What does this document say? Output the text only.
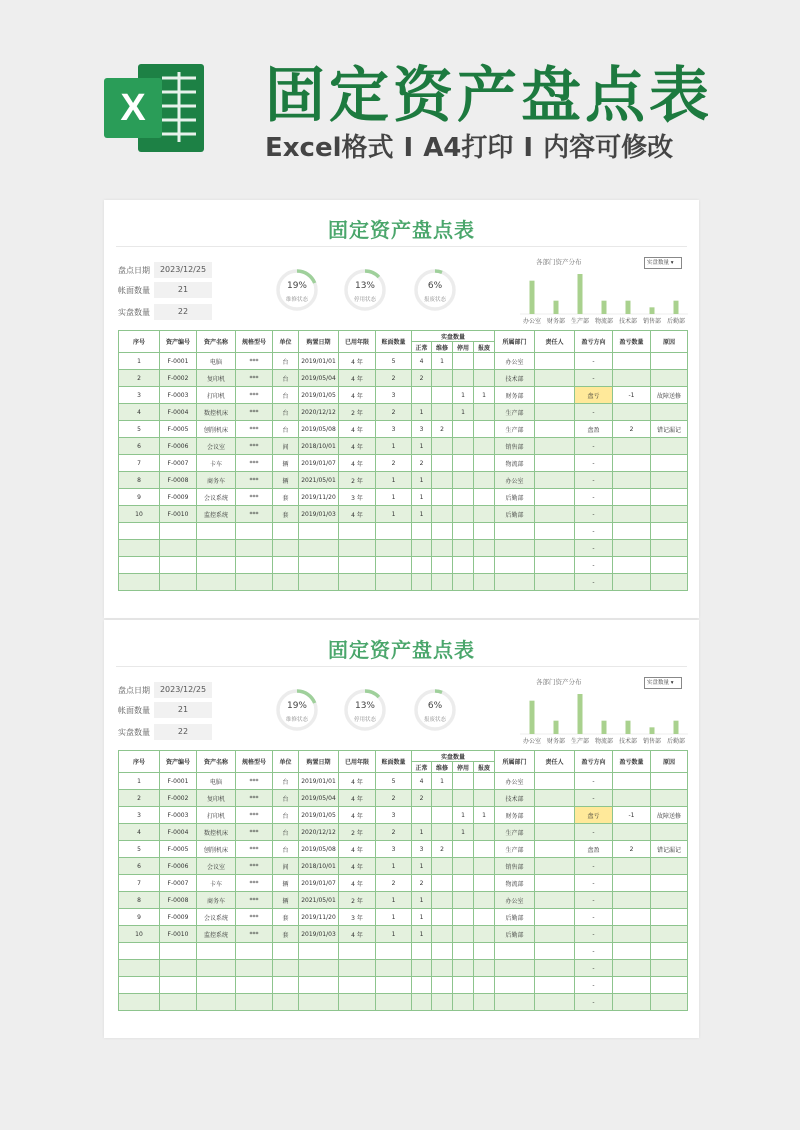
X 固定资产盘点表
Excel格式 I A4打印 I 内容可修改
固定资产盘点表
盘点日期	2023/12/25
帐面数量	21
实盘数量	22
19%
维修状态
13%
停用状态
6%
报废状态
办公室 财务部 生产部 物流部 技术部 销售部 后勤部
各部门资产分布	实盘数量 ▾
序号	资产编号	资产名称	规格型号	单位	购置日期	已用年限	账面数量	实盘数量				所属部门	责任人	盈亏方向	盈亏数量	原因
								正常	维修	停用	报废					
1	F-0001	电脑	***	台	2019/01/01	4 年	5	4	1			办公室		-		
2	F-0002	复印机	***	台	2019/05/04	4 年	2	2				技术部		-		
3	F-0003	打印机	***	台	2019/01/05	4 年	3			1	1	财务部		盘亏	-1	故障送修
4	F-0004	数控机床	***	台	2020/12/12	2 年	2	1		1		生产部		-		
5	F-0005	刨削机床	***	台	2019/05/08	4 年	3	3	2			生产部		盘盈	2	错记漏记
6	F-0006	会议室	***	间	2018/10/01	4 年	1	1				销售部		-		
7	F-0007	卡车	***	辆	2019/01/07	4 年	2	2				物流部		-		
8	F-0008	商务车	***	辆	2021/05/01	2 年	1	1				办公室		-		
9	F-0009	会议系统	***	套	2019/11/20	3 年	1	1				后勤部		-		
10	F-0010	监控系统	***	套	2019/01/03	4 年	1	1				后勤部		-		
														-		
														-		
														-		
														-		
固定资产盘点表
盘点日期	2023/12/25
帐面数量	21
实盘数量	22
19%
维修状态
13%
停用状态
6%
报废状态
办公室 财务部 生产部 物流部 技术部 销售部 后勤部
各部门资产分布	实盘数量 ▾
序号	资产编号	资产名称	规格型号	单位	购置日期	已用年限	账面数量	实盘数量				所属部门	责任人	盈亏方向	盈亏数量	原因
								正常	维修	停用	报废					
1	F-0001	电脑	***	台	2019/01/01	4 年	5	4	1			办公室		-		
2	F-0002	复印机	***	台	2019/05/04	4 年	2	2				技术部		-		
3	F-0003	打印机	***	台	2019/01/05	4 年	3			1	1	财务部		盘亏	-1	故障送修
4	F-0004	数控机床	***	台	2020/12/12	2 年	2	1		1		生产部		-		
5	F-0005	刨削机床	***	台	2019/05/08	4 年	3	3	2			生产部		盘盈	2	错记漏记
6	F-0006	会议室	***	间	2018/10/01	4 年	1	1				销售部		-		
7	F-0007	卡车	***	辆	2019/01/07	4 年	2	2				物流部		-		
8	F-0008	商务车	***	辆	2021/05/01	2 年	1	1				办公室		-		
9	F-0009	会议系统	***	套	2019/11/20	3 年	1	1				后勤部		-		
10	F-0010	监控系统	***	套	2019/01/03	4 年	1	1				后勤部		-		
														-		
														-		
														-		
														-		
